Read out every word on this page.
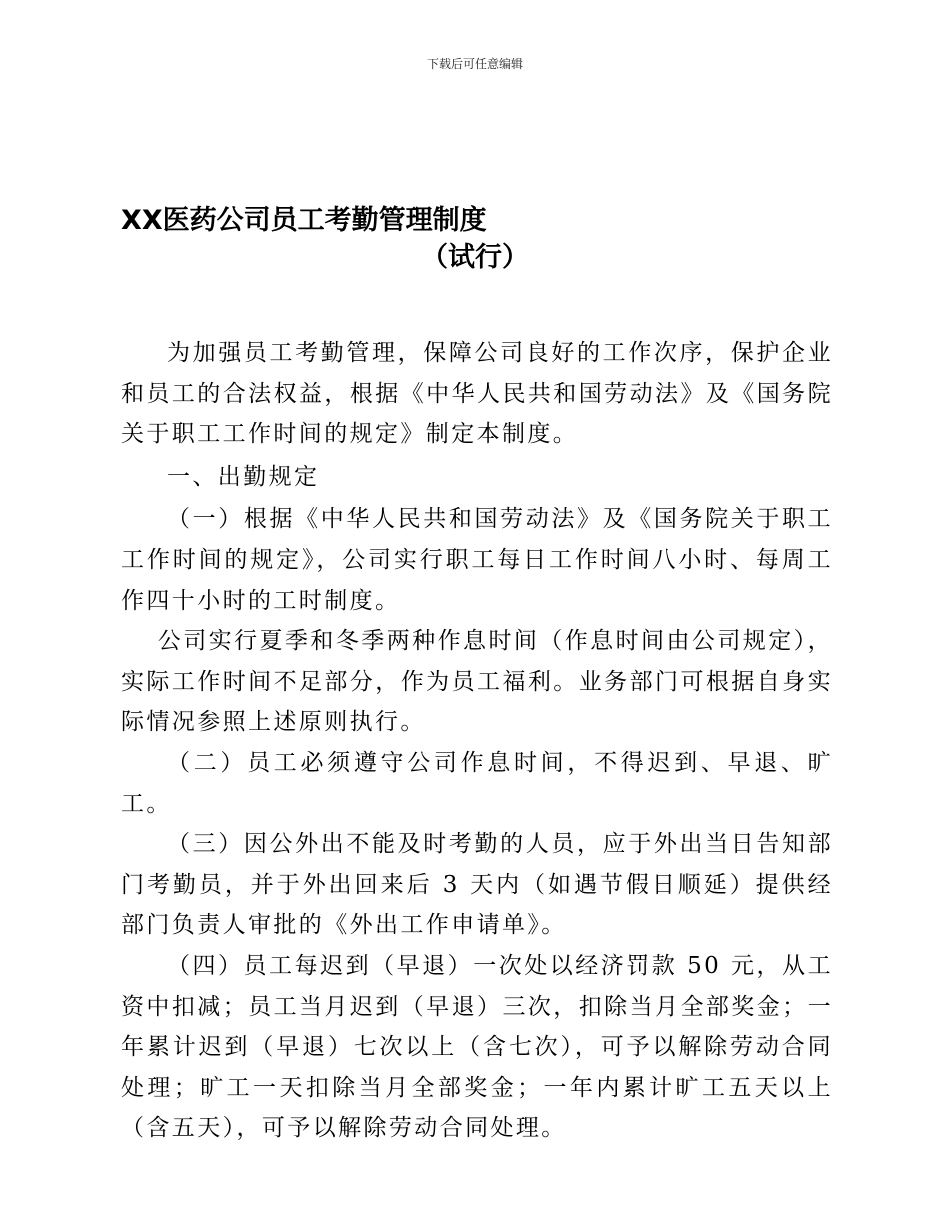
下载后可任意编辑
XX医药公司员工考勤管理制度
（试行）

为加强员工考勤管理，保障公司良好的工作次序，保护企业和员工的合法权益，根据《中华人民共和国劳动法》及《国务院关于职工工作时间的规定》制定本制度。

一、出勤规定

（一）根据《中华人民共和国劳动法》及《国务院关于职工工作时间的规定》，公司实行职工每日工作时间八小时、每周工作四十小时的工时制度。

公司实行夏季和冬季两种作息时间（作息时间由公司规定），实际工作时间不足部分，作为员工福利。业务部门可根据自身实际情况参照上述原则执行。

（二）员工必须遵守公司作息时间，不得迟到、早退、旷工。

（三）因公外出不能及时考勤的人员，应于外出当日告知部门考勤员，并于外出回来后 3 天内（如遇节假日顺延）提供经部门负责人审批的《外出工作申请单》。

（四）员工每迟到（早退）一次处以经济罚款 50 元，从工资中扣减；员工当月迟到（早退）三次，扣除当月全部奖金；一年累计迟到（早退）七次以上（含七次），可予以解除劳动合同处理；旷工一天扣除当月全部奖金；一年内累计旷工五天以上（含五天），可予以解除劳动合同处理。
